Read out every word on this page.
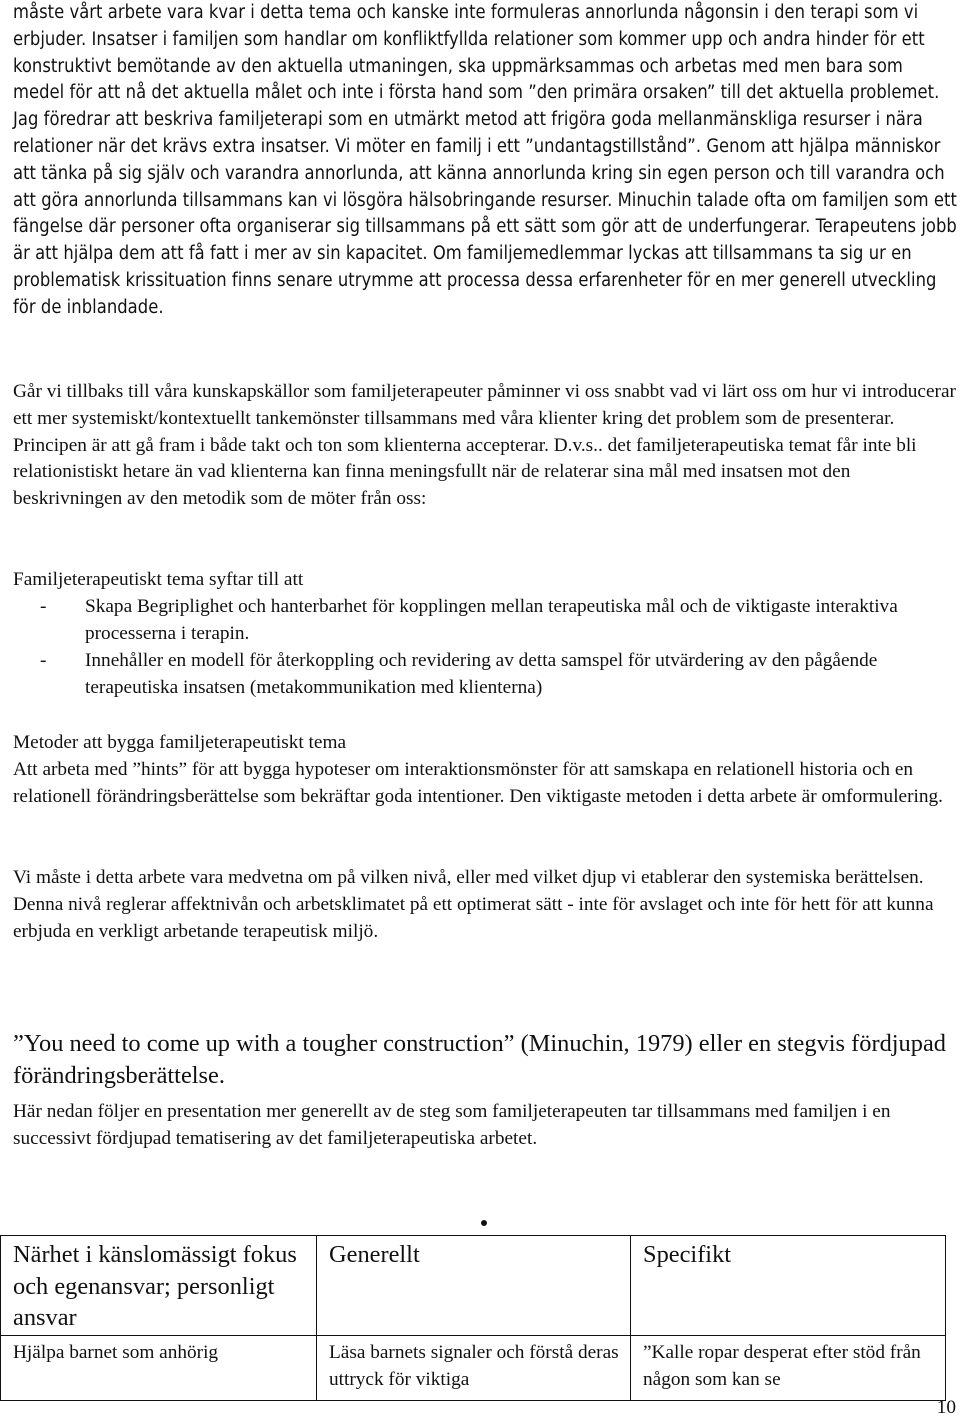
måste vårt arbete vara kvar i detta tema och kanske inte formuleras annorlunda någonsin i den terapi som vi erbjuder. Insatser i familjen som handlar om konfliktfyllda relationer som kommer upp och andra hinder för ett konstruktivt bemötande av den aktuella utmaningen, ska uppmärksammas och arbetas med men bara som medel för att nå det aktuella målet och inte i första hand som ”den primära orsaken” till det aktuella problemet. Jag föredrar att beskriva familjeterapi som en utmärkt metod att frigöra goda mellanmänskliga resurser i nära relationer när det krävs extra insatser. Vi möter en familj i ett ”undantagstillstånd”. Genom att hjälpa människor att tänka på sig själv och varandra annorlunda, att känna annorlunda kring sin egen person och till varandra och att göra annorlunda tillsammans kan vi lösgöra hälsobringande resurser. Minuchin talade ofta om familjen som ett fängelse där personer ofta organiserar sig tillsammans på ett sätt som gör att de underfungerar. Terapeutens jobb är att hjälpa dem att få fatt i mer av sin kapacitet. Om familjemedlemmar lyckas att tillsammans ta sig ur en problematisk krissituation finns senare utrymme att processa dessa erfarenheter för en mer generell utveckling för de inblandade.

Går vi tillbaks till våra kunskapskällor som familjeterapeuter påminner vi oss snabbt vad vi lärt oss om hur vi introducerar ett mer systemiskt/kontextuellt tankemönster tillsammans med våra klienter kring det problem som de presenterar. Principen är att gå fram i både takt och ton som klienterna accepterar. D.v.s.. det familjeterapeutiska temat får inte bli relationistiskt hetare än vad klienterna kan finna meningsfullt när de relaterar sina mål med insatsen mot den beskrivningen av den metodik som de möter från oss:

Familjeterapeutiskt tema syftar till att

- Skapa Begriplighet och hanterbarhet för kopplingen mellan terapeutiska mål och de viktigaste interaktiva processerna i terapin.
- Innehåller en modell för återkoppling och revidering av detta samspel för utvärdering av den pågående terapeutiska insatsen (metakommunikation med klienterna)

Metoder att bygga familjeterapeutiskt tema
Att arbeta med ”hints” för att bygga hypoteser om interaktionsmönster för att samskapa en relationell historia och en relationell förändringsberättelse som bekräftar goda intentioner. Den viktigaste metoden i detta arbete är omformulering.

Vi måste i detta arbete vara medvetna om på vilken nivå, eller med vilket djup vi etablerar den systemiska berättelsen. Denna nivå reglerar affektnivån och arbetsklimatet på ett optimerat sätt - inte för avslaget och inte för hett för att kunna erbjuda en verkligt arbetande terapeutisk miljö.

”You need to come up with a tougher construction” (Minuchin, 1979) eller en stegvis fördjupad förändringsberättelse.

Här nedan följer en presentation mer generellt av de steg som familjeterapeuten tar tillsammans med familjen i en successivt fördjupad tematisering av det familjeterapeutiska arbetet.

Närhet i känslomässigt fokus och egenansvar; personligt ansvar	Generellt	Specifikt
Hjälpa barnet som anhörig	Läsa barnets signaler och förstå deras uttryck för viktiga	”Kalle ropar desperat efter stöd från någon som kan se
10
